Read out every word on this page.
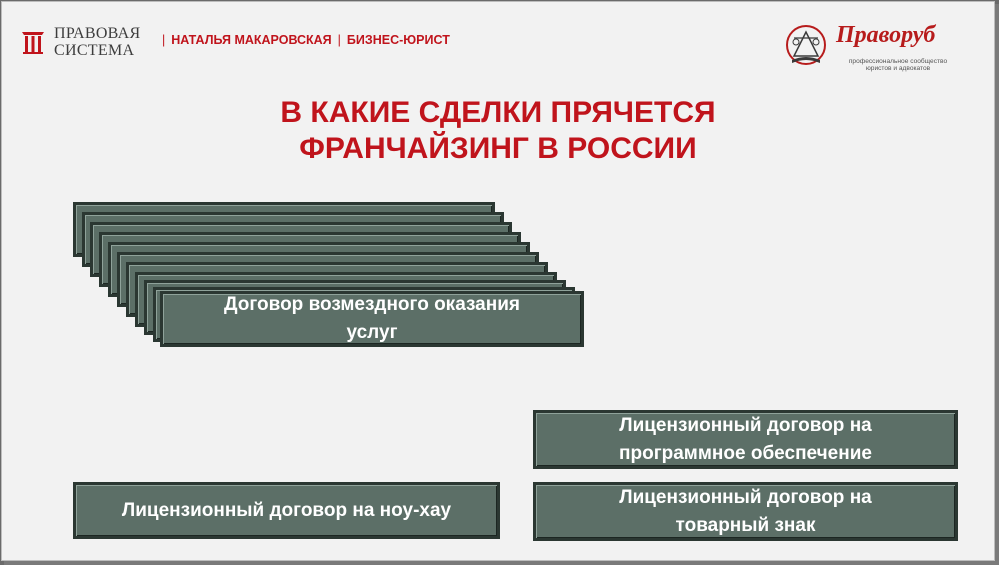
ПРАВОВАЯ
СИСТЕМА
| НАТАЛЬЯ МАКАРОВСКАЯ | БИЗНЕС-ЮРИСТ	Праворуб
профессиональное сообщество
юристов и адвокатов
В КАКИЕ СДЕЛКИ ПРЯЧЕТСЯ
ФРАНЧАЙЗИНГ В РОССИИ
Договор возмездного оказания
услуг
Лицензионный договор на
программное обеспечение
Лицензионный договор на ноу-хау
Лицензионный договор на
товарный знак
